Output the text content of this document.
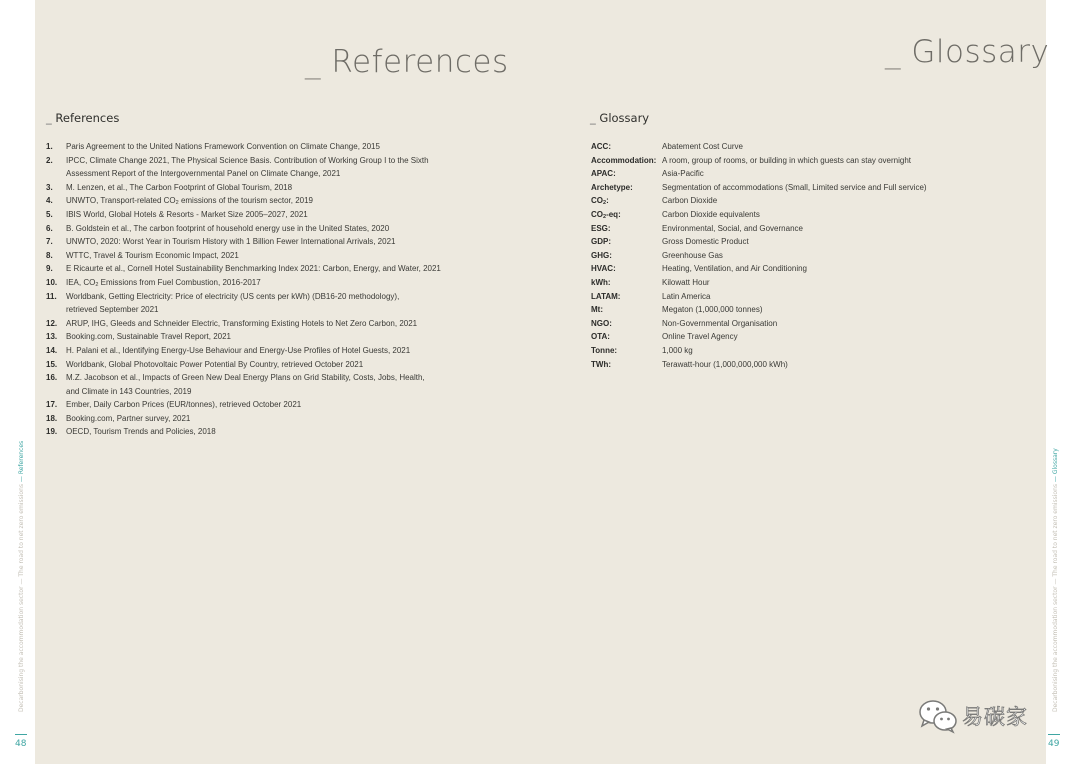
_ References	_ Glossary
_ References	_ Glossary
1.	Paris Agreement to the United Nations Framework Convention on Climate Change, 2015
2.	IPCC, Climate Change 2021, The Physical Science Basis. Contribution of Working Group I to the Sixth
Assessment Report of the Intergovernmental Panel on Climate Change, 2021
3.	M. Lenzen, et al., The Carbon Footprint of Global Tourism, 2018
4.	UNWTO, Transport-related $CO_2$ emissions of the tourism sector, 2019
5.	IBIS World, Global Hotels & Resorts - Market Size 2005–2027, 2021
6.	B. Goldstein et al., The carbon footprint of household energy use in the United States, 2020
7.	UNWTO, 2020: Worst Year in Tourism History with 1 Billion Fewer International Arrivals, 2021
8.	WTTC, Travel & Tourism Economic Impact, 2021
9.	E Ricaurte et al., Cornell Hotel Sustainability Benchmarking Index 2021: Carbon, Energy, and Water, 2021
10.	IEA, $CO_2$ Emissions from Fuel Combustion, 2016-2017
11.	Worldbank, Getting Electricity: Price of electricity (US cents per kWh) (DB16-20 methodology),
retrieved September 2021
12.	ARUP, IHG, Gleeds and Schneider Electric, Transforming Existing Hotels to Net Zero Carbon, 2021
13.	Booking.com, Sustainable Travel Report, 2021
14.	H. Palani et al., Identifying Energy-Use Behaviour and Energy-Use Profiles of Hotel Guests, 2021
15.	Worldbank, Global Photovoltaic Power Potential By Country, retrieved October 2021
16.	M.Z. Jacobson et al., Impacts of Green New Deal Energy Plans on Grid Stability, Costs, Jobs, Health,
and Climate in 143 Countries, 2019
17.	Ember, Daily Carbon Prices (EUR/tonnes), retrieved October 2021
18.	Booking.com, Partner survey, 2021
19.	OECD, Tourism Trends and Policies, 2018
ACC:	Abatement Cost Curve
Accommodation: A room, group of rooms, or building in which guests can stay overnight
APAC:	Asia-Pacific
Archetype:	Segmentation of accommodations (Small, Limited service and Full service)
$CO_2$:	Carbon Dioxide
$CO_2-eq$:	Carbon Dioxide equivalents
ESG:	Environmental, Social, and Governance
GDP:	Gross Domestic Product
GHG:	Greenhouse Gas
HVAC:	Heating, Ventilation, and Air Conditioning
kWh:	Kilowatt Hour
LATAM:	Latin America
Mt:	Megaton (1,000,000 tonnes)
NGO:	Non-Governmental Organisation
OTA:	Online Travel Agency
Tonne:	1,000 kg
TWh:	Terawatt-hour (1,000,000,000 kWh)
Decarbonising the accommodation sector — The road to net zero emissions — References
Decarbonising the accommodation sector — The road to net zero emissions — Glossary
48	49
易碳家
